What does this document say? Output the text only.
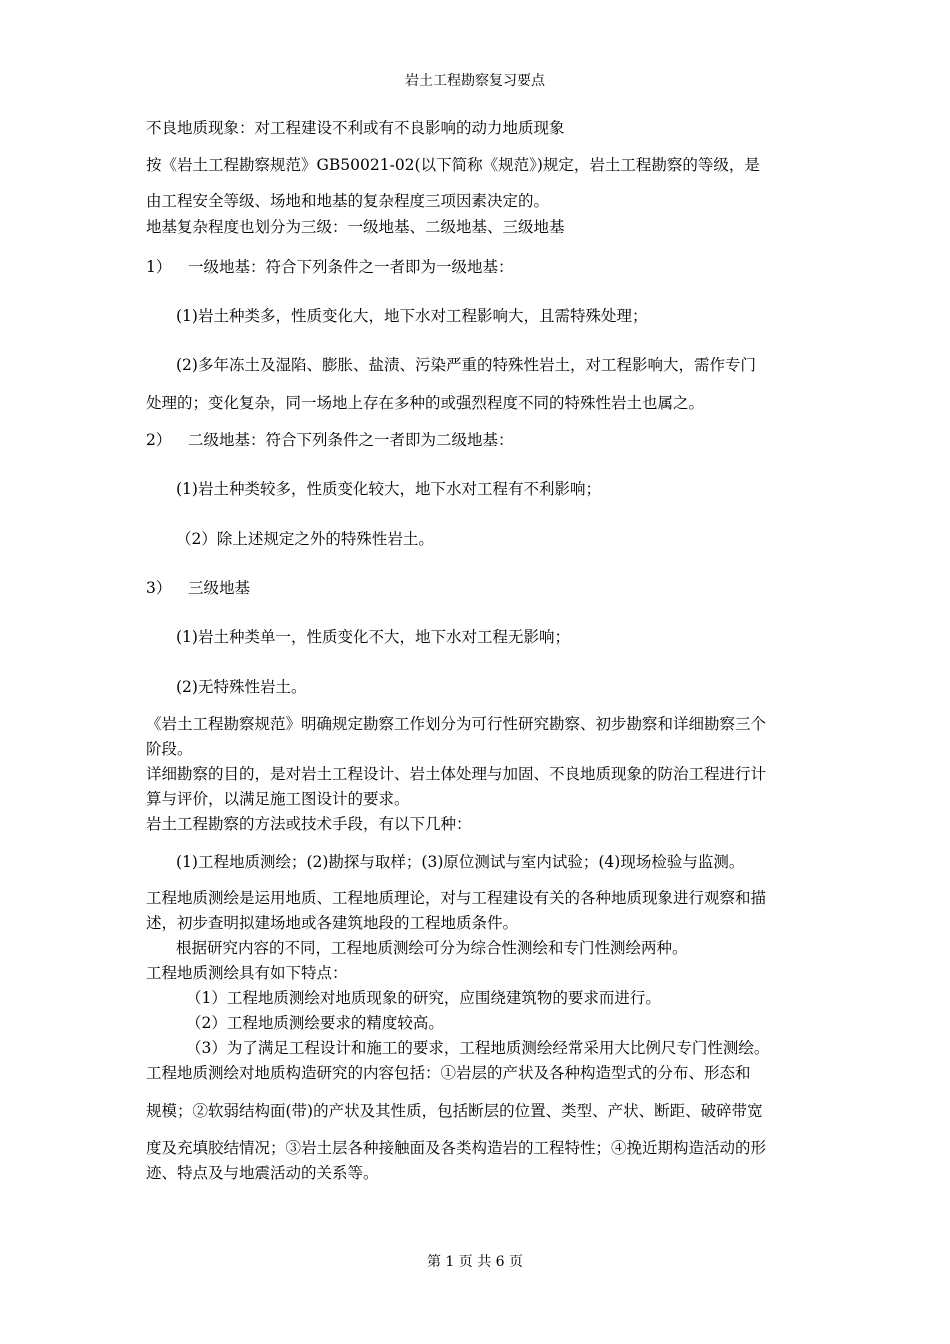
岩土工程勘察复习要点
不良地质现象：对工程建设不利或有不良影响的动力地质现象
按《岩土工程勘察规范》GB50021-02(以下简称《规范》)规定，岩土工程勘察的等级，是
由工程安全等级、场地和地基的复杂程度三项因素决定的。
地基复杂程度也划分为三级：一级地基、二级地基、三级地基
1） 一级地基：符合下列条件之一者即为一级地基：
(1)岩土种类多，性质变化大，地下水对工程影响大，且需特殊处理；
(2)多年冻土及湿陷、膨胀、盐渍、污染严重的特殊性岩土，对工程影响大，需作专门
处理的；变化复杂，同一场地上存在多种的或强烈程度不同的特殊性岩土也属之。
2） 二级地基：符合下列条件之一者即为二级地基：
(1)岩土种类较多，性质变化较大，地下水对工程有不利影响；
（2）除上述规定之外的特殊性岩土。
3） 三级地基
(1)岩土种类单一，性质变化不大，地下水对工程无影响；
(2)无特殊性岩土。
《岩土工程勘察规范》明确规定勘察工作划分为可行性研究勘察、初步勘察和详细勘察三个
阶段。
详细勘察的目的，是对岩土工程设计、岩土体处理与加固、不良地质现象的防治工程进行计
算与评价，以满足施工图设计的要求。
岩土工程勘察的方法或技术手段，有以下几种：
(1)工程地质测绘；(2)勘探与取样；(3)原位测试与室内试验；(4)现场检验与监测。
工程地质测绘是运用地质、工程地质理论，对与工程建设有关的各种地质现象进行观察和描
述，初步查明拟建场地或各建筑地段的工程地质条件。
根据研究内容的不同，工程地质测绘可分为综合性测绘和专门性测绘两种。
工程地质测绘具有如下特点：
（1）工程地质测绘对地质现象的研究，应围绕建筑物的要求而进行。
（2）工程地质测绘要求的精度较高。
（3）为了满足工程设计和施工的要求，工程地质测绘经常采用大比例尺专门性测绘。
工程地质测绘对地质构造研究的内容包括：①岩层的产状及各种构造型式的分布、形态和
规模；②软弱结构面(带)的产状及其性质，包括断层的位置、类型、产状、断距、破碎带宽
度及充填胶结情况；③岩土层各种接触面及各类构造岩的工程特性；④挽近期构造活动的形
迹、特点及与地震活动的关系等。
第 1 页 共 6 页
